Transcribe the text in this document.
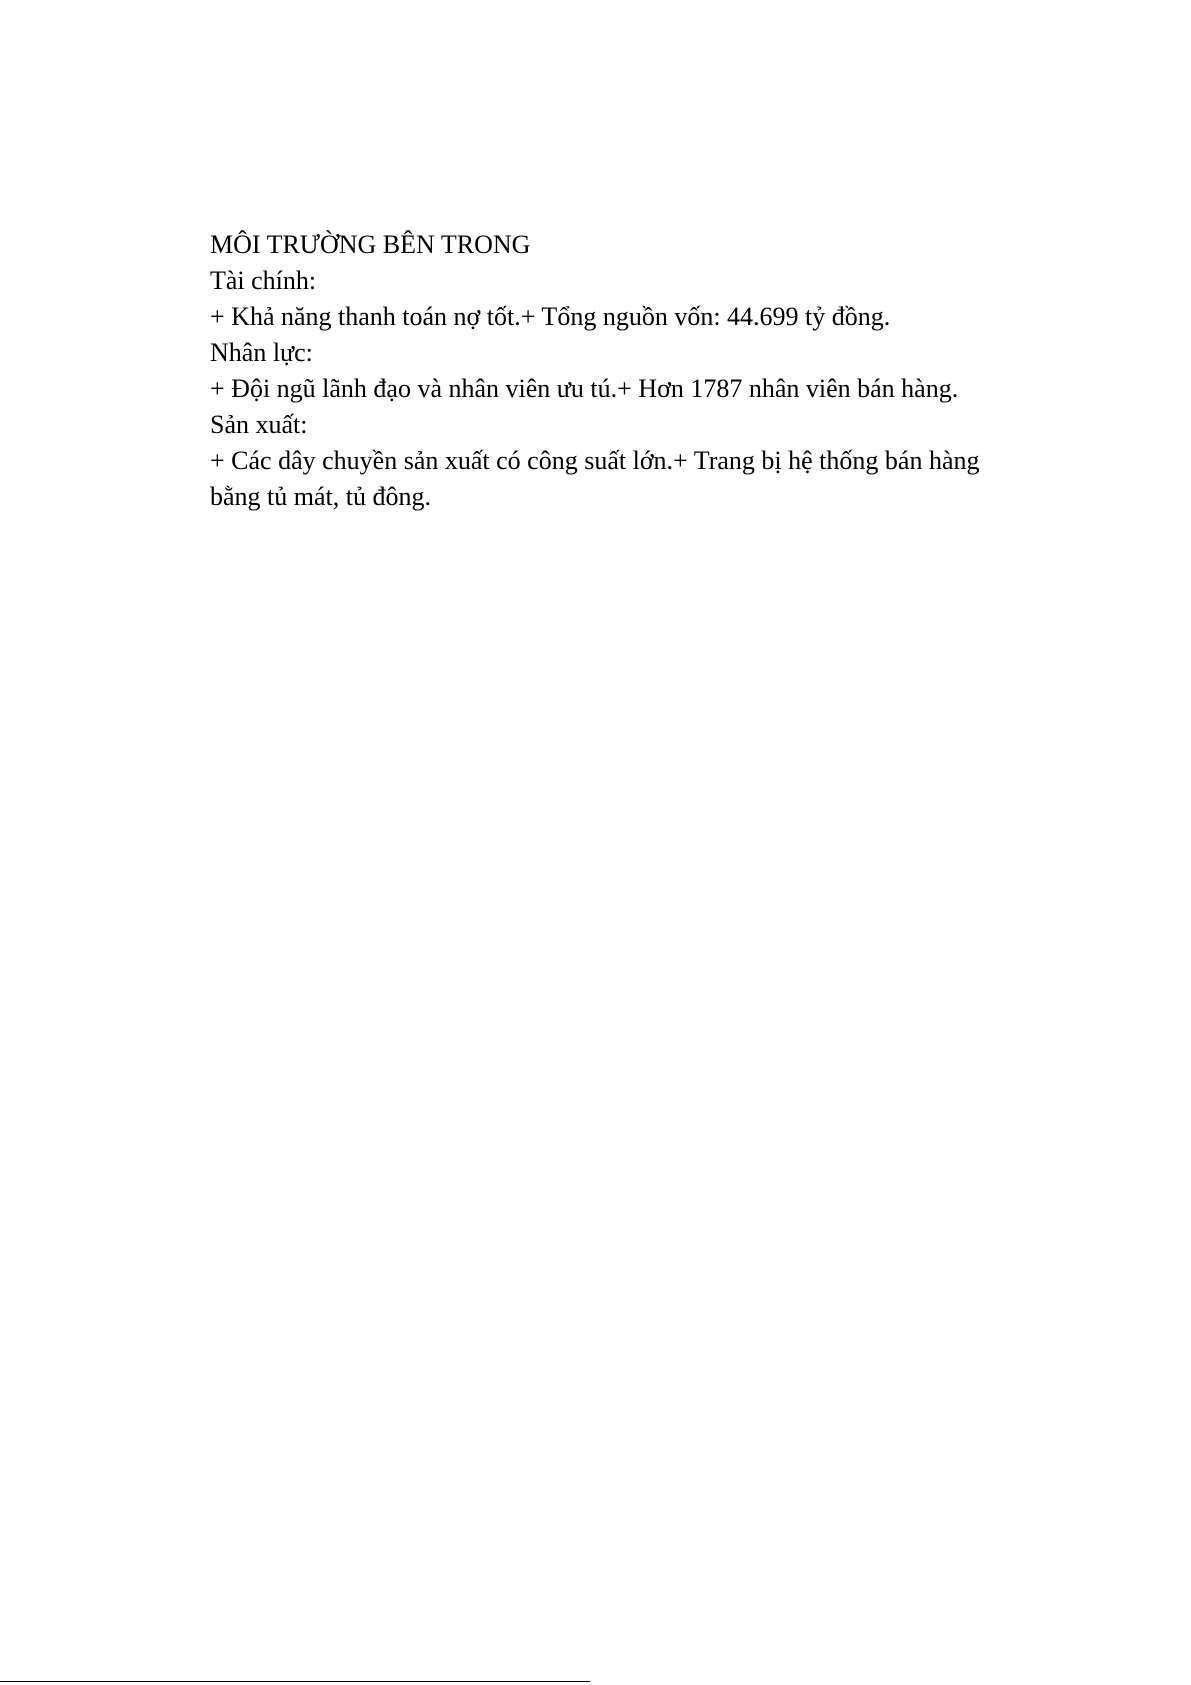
MÔI TRƯỜNG BÊN TRONG

Tài chính:

+ Khả năng thanh toán nợ tốt.+ Tổng nguồn vốn: 44.699 tỷ đồng.

Nhân lực:

+ Đội ngũ lãnh đạo và nhân viên ưu tú.+ Hơn 1787 nhân viên bán hàng.

Sản xuất:

+ Các dây chuyền sản xuất có công suất lớn.+ Trang bị hệ thống bán hàng bằng tủ mát, tủ đông.
